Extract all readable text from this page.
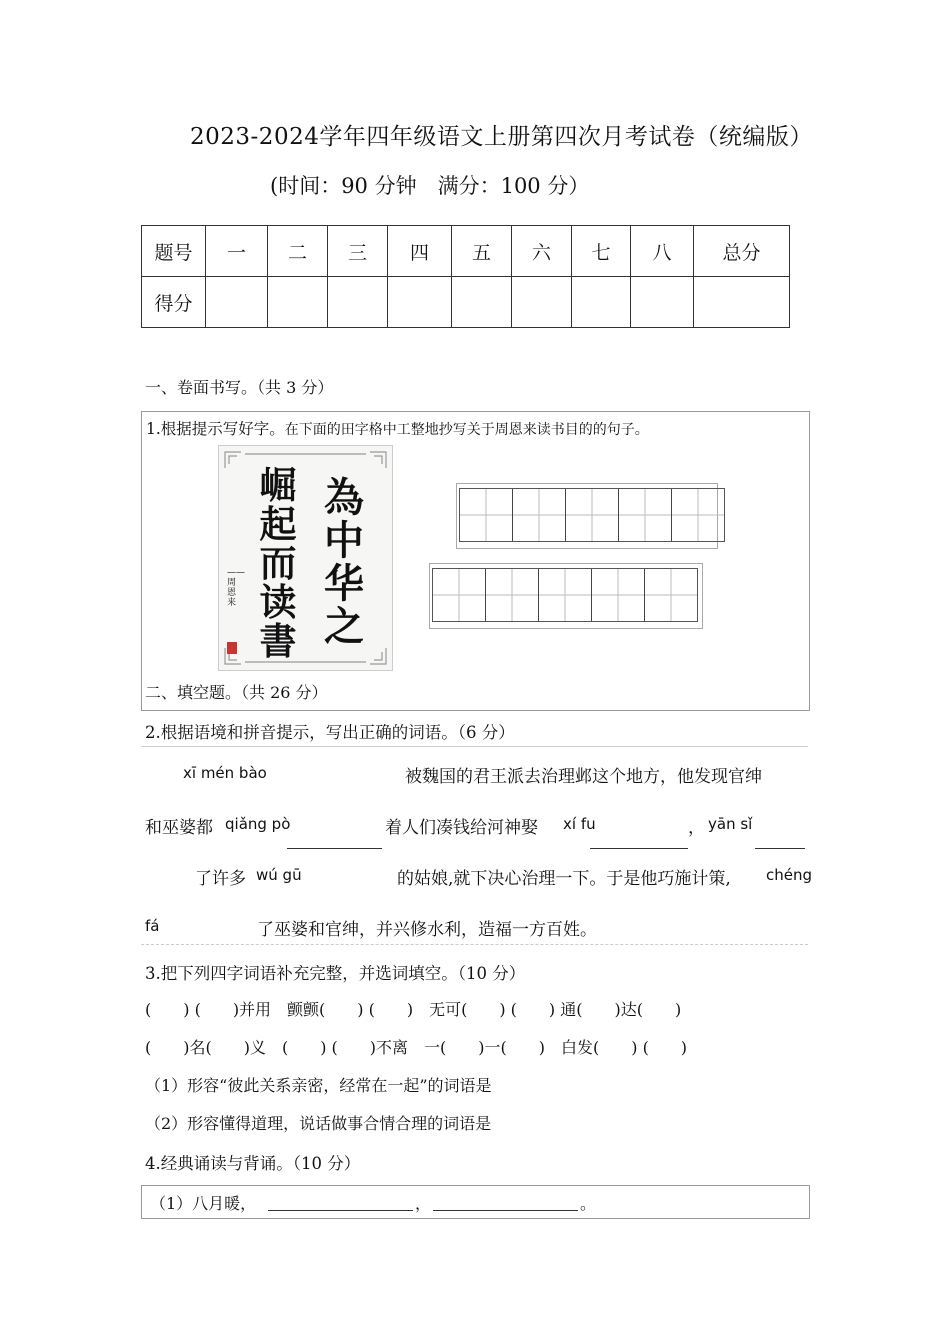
2023-2024学年四年级语文上册第四次月考试卷（统编版）
(时间：90 分钟　满分：100 分）
题号	一	二	三	四	五	六	七	八	总分
得分									
一、卷面书写。（共 3 分）
1.根据提示写好字。在下面的田字格中工整地抄写关于周恩来读书目的的句子。
為中华之
崛起而读書
——周恩来
二、填空题。（共 26 分）
2.根据语境和拼音提示，写出正确的词语。（6 分）
xī mén bào	被魏国的君王派去治理邺这个地方，他发现官绅
和巫婆都 qiǎng pò	着人们凑钱给河神娶 xí fu	， yān sǐ
了许多 wú gū	的姑娘,就下决心治理一下。于是他巧施计策, chéng
fá	了巫婆和官绅，并兴修水利，造福一方百姓。
3.把下列四字词语补充完整，并选词填空。（10 分）
(　　) (　　)并用　颤颤(　　) (　　)　无可(　　) (　　) 通(　　)达(　　)
(　　)名(　　)义　(　　) (　　)不离　一(　　)一(　　)　白发(　　) (　　)
（1）形容“彼此关系亲密，经常在一起”的词语是
（2）形容懂得道理，说话做事合情合理的词语是
4.经典诵读与背诵。（10 分）
（1）八月暖，	，	。
